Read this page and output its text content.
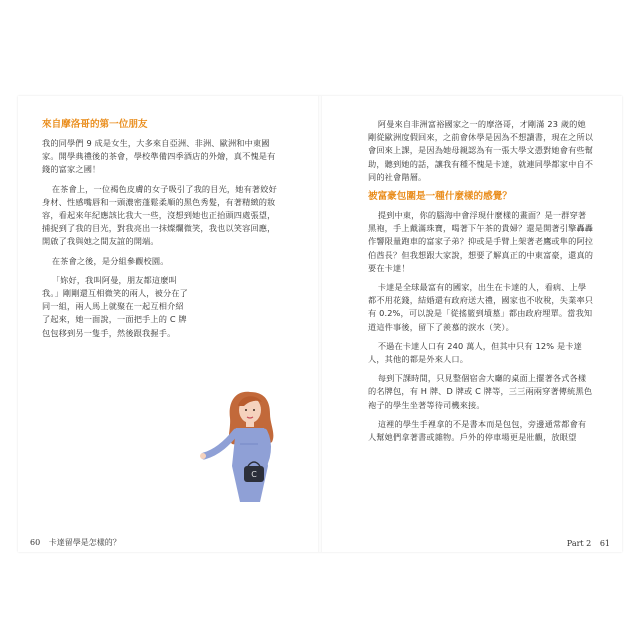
來自摩洛哥的第一位朋友

我的同學們 9 成是女生，大多來自亞洲、非洲、歐洲和中東國家。開學典禮後的茶會，學校準備四季酒店的外燴，真不愧是有錢的富家之國！

在茶會上，一位褐色皮膚的女子吸引了我的目光，她有著姣好身材、性感嘴唇和一頭濃密蓬鬆柔順的黑色秀髮，有著精緻的妝容，看起來年紀應該比我大一些，沒想到她也正抬頭四處張望，捕捉到了我的目光，對我亮出一抹燦爛微笑，我也以笑容回應，開啟了我與她之間友誼的開端。

在茶會之後，是分組參觀校園。

「妳好，我叫阿曼，朋友都這麼叫我。」剛剛還互相微笑的兩人，被分在了同一組，兩人馬上就聚在一起互相介紹了起來，她一面說，一面把手上的 C 牌包包移到另一隻手，然後跟我握手。

C
60 卡達留學是怎樣的？

阿曼來自非洲富裕國家之一的摩洛哥，才剛滿 23 歲的她剛從歐洲度假回來，之前會休學是因為不想讀書，現在之所以會回來上課，是因為她母親認為有一張大學文憑對她會有些幫助，聽到她的話，讓我有種不愧是卡達，就連同學都家中自不同的社會階層。

被富豪包圍是一種什麼樣的感覺？

提到中東，你的腦海中會浮現什麼樣的畫面？是一群穿著黑袍，手上戴滿珠寶，喝著下午茶的貴婦？還是開著引擎轟轟作響限量跑車的富家子弟？抑或是手臂上架著老鷹或隼的阿拉伯酋長？但我想跟大家說，想要了解真正的中東富豪，還真的要在卡達！

卡達是全球最富有的國家，出生在卡達的人，看病、上學都不用花錢，結婚還有政府送大禮，國家也不收稅，失業率只有 0.2%，可以說是「從搖籃到墳墓」都由政府埋單。當我知道這件事後，留下了羨慕的淚水（笑）。

不過在卡達人口有 240 萬人，但其中只有 12% 是卡達人，其他的都是外來人口。

每到下課時間，只見整個宿舍大廳的桌面上擺著各式各樣的名牌包，有 H 牌、D 牌或 C 牌等，三三兩兩穿著傳統黑色袍子的學生坐著等待司機來接。

這裡的學生手裡拿的不是書本而是包包，旁邊通常都會有人幫她們拿著書或雜物。戶外的停車場更是壯觀，放眼望

Part 2 61
